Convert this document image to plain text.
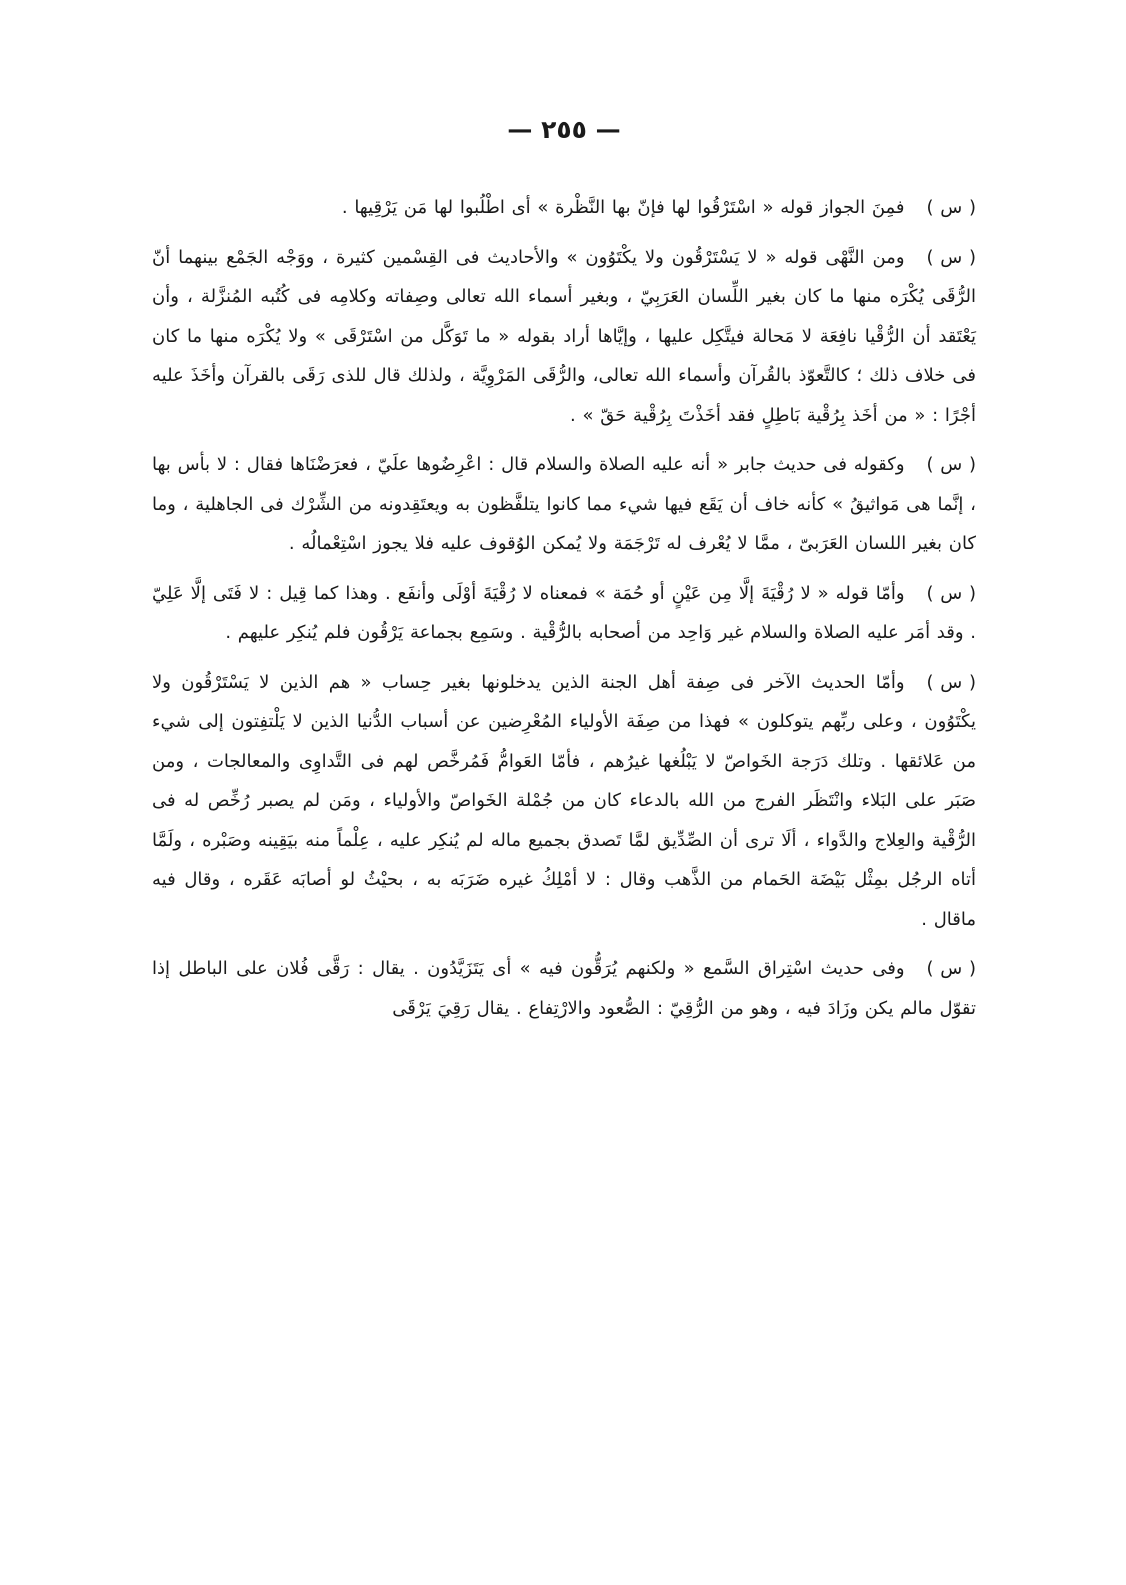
— ٢٥٥ —

( س )فمِنَ الجواز قوله « اسْتَرْقُوا لها فإنّ بها النَّظْرة » أى اطْلُبوا لها مَن يَرْقِيها .

( س )ومن النَّهْى قوله « لا يَسْتَرْقُون ولا يكْتَوُون » والأحاديث فى القِسْمين كثيرة ، ووَجْه الجَمْع بينهما أنّ الرُّقَى يُكْرَه منها ما كان بغير اللِّسان العَرَبِيّ ، وبغير أسماء الله تعالى وصِفاته وكلامِه فى كُتُبه المُنزَّلة ، وأن يَعْتَقد أن الرُّقْيا نافِعَة لا مَحالة فيتَّكِل عليها ، وإيَّاها أراد بقوله « ما تَوَكَّل من اسْتَرْقَى » ولا يُكْرَه منها ما كان فى خلاف ذلك ؛ كالتَّعوّذ بالقُرآن وأسماء الله تعالى، والرُّقَى المَرْوِيَّة ، ولذلك قال للذى رَقَى بالقرآن وأخَذَ عليه أجْرًا : « من أخَذ بِرُقْية بَاطِلٍ فقد أخَذْتَ بِرُقْية حَقّ » .

( س )وكقوله فى حديث جابر « أنه عليه الصلاة والسلام قال : اعْرِضُوها علَيّ ، فعرَضْنَاها فقال : لا بأس بها ، إنَّما هى مَواثيقُ » كأنه خاف أن يَقَع فيها شيء مما كانوا يتلفَّظون به ويعتَقِدونه من الشِّرْك فى الجاهلية ، وما كان بغير اللسان العَرَبىّ ، ممَّا لا يُعْرف له تَرْجَمَة ولا يُمكن الوُقوف عليه فلا يجوز اسْتِعْمالُه .

( س )وأمّا قوله « لا رُقْيَةَ إلَّا مِن عَيْنٍ أو حُمَة » فمعناه لا رُقْيَةَ أوْلَى وأنفَع . وهذا كما قِيل : لا فَتَى إلَّا عَلِيّ . وقد أمَر عليه الصلاة والسلام غير وَاحِد من أصحابه بالرُّقْية . وسَمِع بجماعة يَرْقُون فلم يُنكِر عليهم .

( س )وأمّا الحديث الآخر فى صِفة أهل الجنة الذين يدخلونها بغير حِساب « هم الذين لا يَسْتَرْقُون ولا يكْتَوُون ، وعلى ربِّهم يتوكلون » فهذا من صِفَة الأولياء المُعْرِضين عن أسباب الدُّنيا الذين لا يَلْتفِتون إلى شيء من عَلائقها . وتلك دَرَجة الخَواصّ لا يَبْلُغها غيرُهم ، فأمّا العَوامُّ فَمُرخَّص لهم فى التَّداوِى والمعالجات ، ومن صَبَر على البَلاء وانْتَظَر الفرج من الله بالدعاء كان من جُمْلة الخَواصّ والأولياء ، ومَن لم يصبر رُخِّص له فى الرُّقْية والعِلاج والدَّواء ، ألَا ترى أن الصِّدِّيق لمَّا تَصدق بجميع ماله لم يُنكِر عليه ، عِلْماً منه بيَقِينه وصَبْره ، ولَمَّا أتاه الرجُل بمِثْل بَيْضَة الحَمام من الذَّهب وقال : لا أمْلِكُ غيره ضَرَبَه به ، بحيْثُ لو أصابَه عَقَره ، وقال فيه ماقال .

( س )وفى حديث اسْتِراق السَّمع « ولكنهم يُرَقُّون فيه » أى يَتَزَيَّدُون . يقال : رَقَّى فُلان على الباطل إذا تقوّل مالم يكن وزَادَ فيه ، وهو من الرُّقِيّ : الصُّعود والارْتِفاع . يقال رَقِيَ يَرْقَى
